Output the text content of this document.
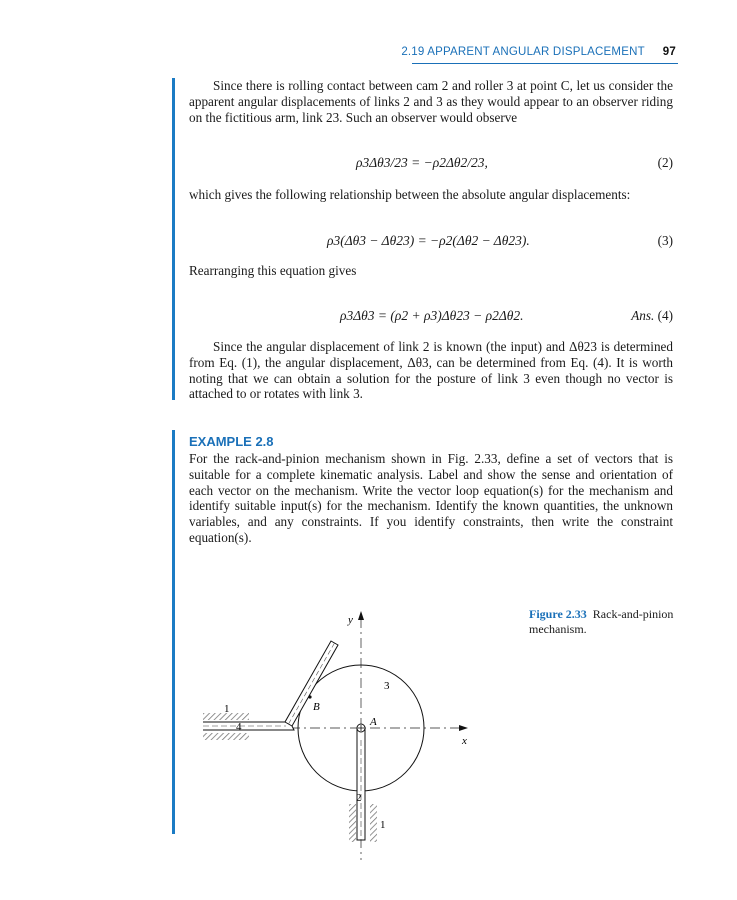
2.19 APPARENT ANGULAR DISPLACEMENT 97

Since there is rolling contact between cam 2 and roller 3 at point C, let us consider the apparent angular displacements of links 2 and 3 as they would appear to an observer riding on the fictitious arm, link 23. Such an observer would observe

ρ3Δθ3/23 = −ρ2Δθ2/23,	(2)

which gives the following relationship between the absolute angular displacements:

ρ3(Δθ3 − Δθ23) = −ρ2(Δθ2 − Δθ23).	(3)

Rearranging this equation gives

ρ3Δθ3 = (ρ2 + ρ3)Δθ23 − ρ2Δθ2.	Ans. (4)

Since the angular displacement of link 2 is known (the input) and Δθ23 is determined from Eq. (1), the angular displacement, Δθ3, can be determined from Eq. (4). It is worth noting that we can obtain a solution for the posture of link 3 even though no vector is attached to or rotates with link 3.

EXAMPLE 2.8

For the rack-and-pinion mechanism shown in Fig. 2.33, define a set of vectors that is suitable for a complete kinematic analysis. Label and show the sense and orientation of each vector on the mechanism. Write the vector loop equation(s) for the mechanism and identify suitable input(s) for the mechanism. Identify the known quantities, the unknown variables, and any constraints. If you identify constraints, then write the constraint equation(s).

y
x
A
B
1
1
2
3
4
Figure 2.33 Rack-and-pinion mechanism.
